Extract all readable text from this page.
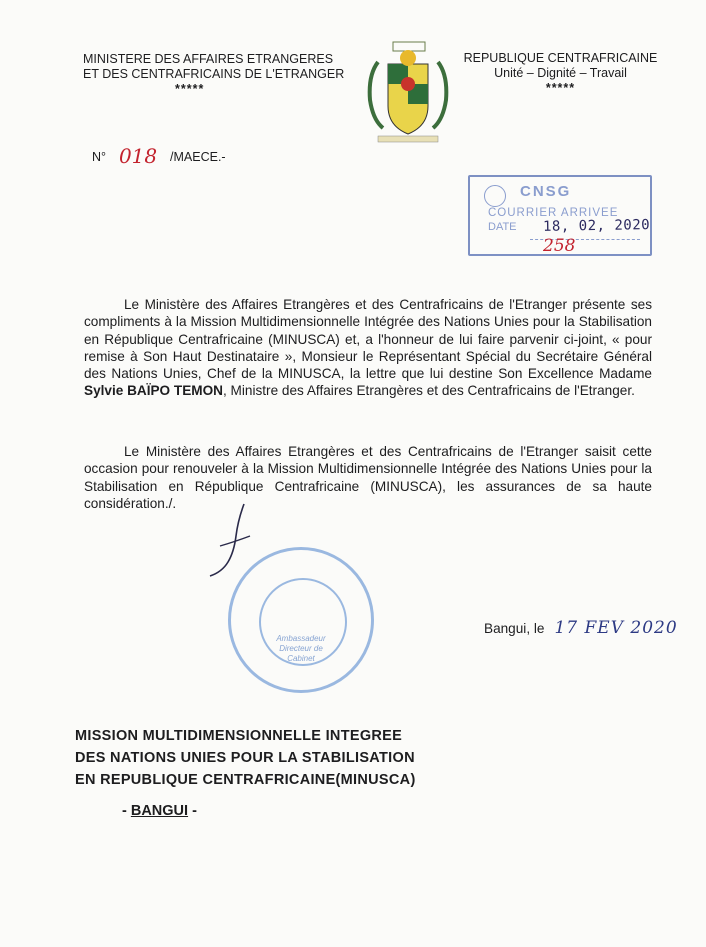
MINISTERE DES AFFAIRES ETRANGERES
ET DES CENTRAFRICAINS DE L'ETRANGER
*****
REPUBLIQUE CENTRAFRICAINE
Unité – Dignité – Travail
*****
N° 018 /MAECE.-
CNSG
COURRIER ARRIVEE
DATE 18, 02, 2020
258
Le Ministère des Affaires Etrangères et des Centrafricains de l'Etranger présente ses compliments à la Mission Multidimensionnelle Intégrée des Nations Unies pour la Stabilisation en République Centrafricaine (MINUSCA) et, a l'honneur de lui faire parvenir ci-joint, « pour remise à Son Haut Destinataire », Monsieur le Représentant Spécial du Secrétaire Général des Nations Unies, Chef de la MINUSCA, la lettre que lui destine Son Excellence Madame Sylvie BAÏPO TEMON, Ministre des Affaires Etrangères et des Centrafricains de l'Etranger.
Le Ministère des Affaires Etrangères et des Centrafricains de l'Etranger saisit cette occasion pour renouveler à la Mission Multidimensionnelle Intégrée des Nations Unies pour la Stabilisation en République Centrafricaine (MINUSCA), les assurances de sa haute considération./.
Ambassadeur Directeur de Cabinet
Bangui, le 17 FEV 2020
MISSION MULTIDIMENSIONNELLE INTEGREE
DES NATIONS UNIES POUR LA STABILISATION
EN REPUBLIQUE CENTRAFRICAINE(MINUSCA)
- BANGUI -
